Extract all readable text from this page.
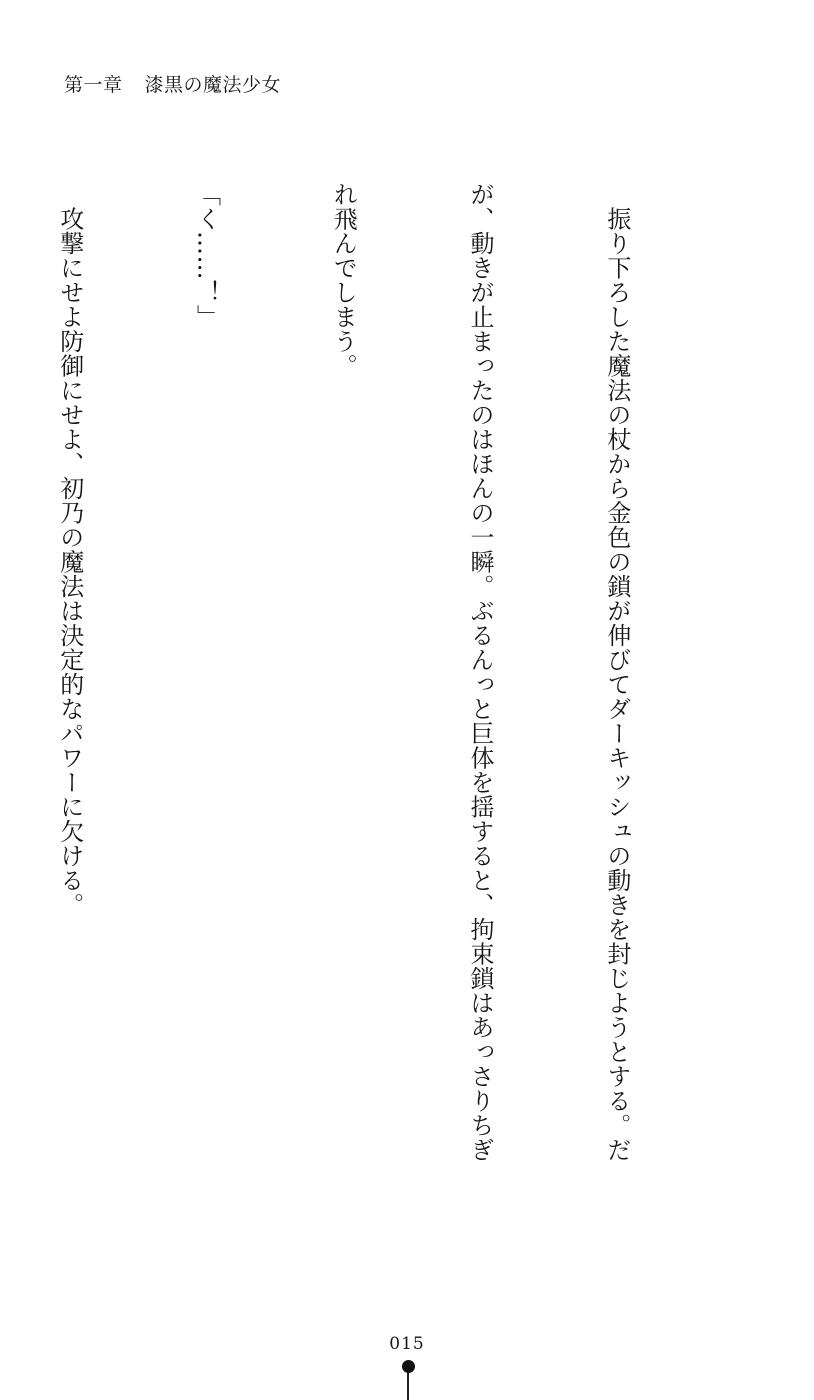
第一章 漆黒の魔法少女

　振り下ろした魔法の杖から金色の鎖が伸びてダーキッシュの動きを封じようとする。だ

が、動きが止まったのはほんの一瞬。ぶるんっと巨体を揺すると、拘束鎖はあっさりちぎ

れ飛んでしまう。

「く……！」

　攻撃にせよ防御にせよ、初乃の魔法は決定的なパワーに欠ける。

015
